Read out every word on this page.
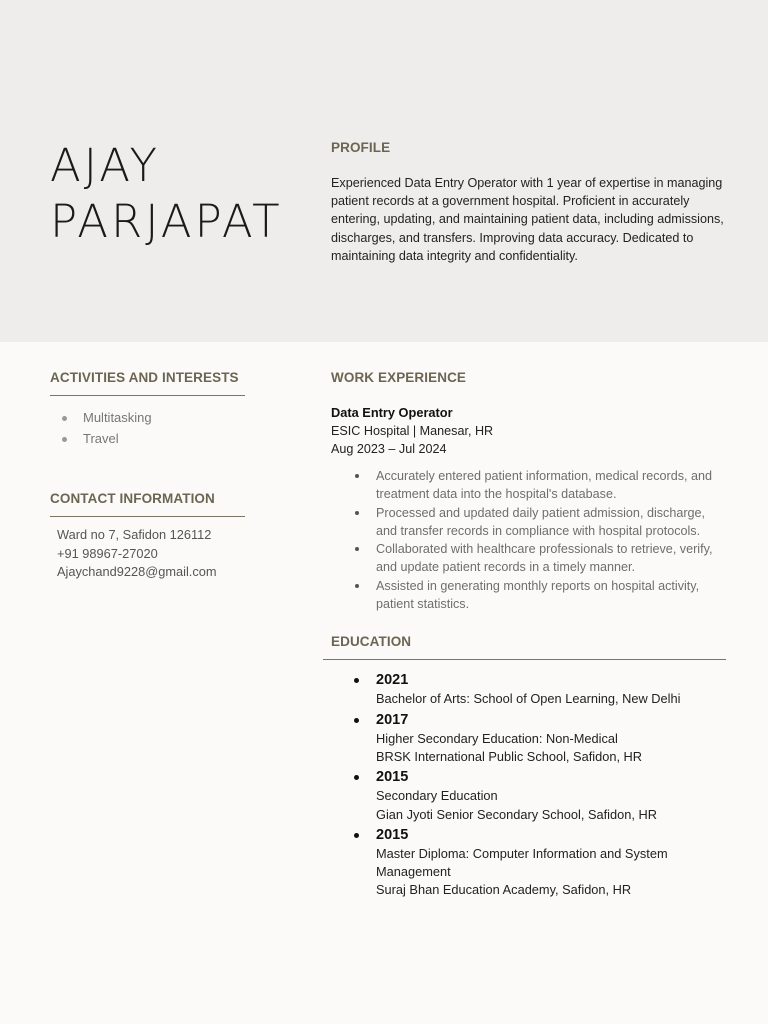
AJAY
PARJAPAT
PROFILE
Experienced Data Entry Operator with 1 year of expertise in managing patient records at a government hospital. Proficient in accurately entering, updating, and maintaining patient data, including admissions, discharges, and transfers. Improving data accuracy. Dedicated to maintaining data integrity and confidentiality.
ACTIVITIES AND INTERESTS
Multitasking
Travel
CONTACT INFORMATION
Ward no 7, Safidon 126112
+91 98967-27020
Ajaychand9228@gmail.com
WORK EXPERIENCE
Data Entry Operator
ESIC Hospital | Manesar, HR
Aug 2023 – Jul 2024
Accurately entered patient information, medical records, and treatment data into the hospital's database.
Processed and updated daily patient admission, discharge, and transfer records in compliance with hospital protocols.
Collaborated with healthcare professionals to retrieve, verify, and update patient records in a timely manner.
Assisted in generating monthly reports on hospital activity, patient statistics.
EDUCATION
2021
Bachelor of Arts: School of Open Learning, New Delhi
2017
Higher Secondary Education: Non-Medical
BRSK International Public School, Safidon, HR
2015
Secondary Education
Gian Jyoti Senior Secondary School, Safidon, HR
2015
Master Diploma: Computer Information and System Management
Suraj Bhan Education Academy, Safidon, HR
